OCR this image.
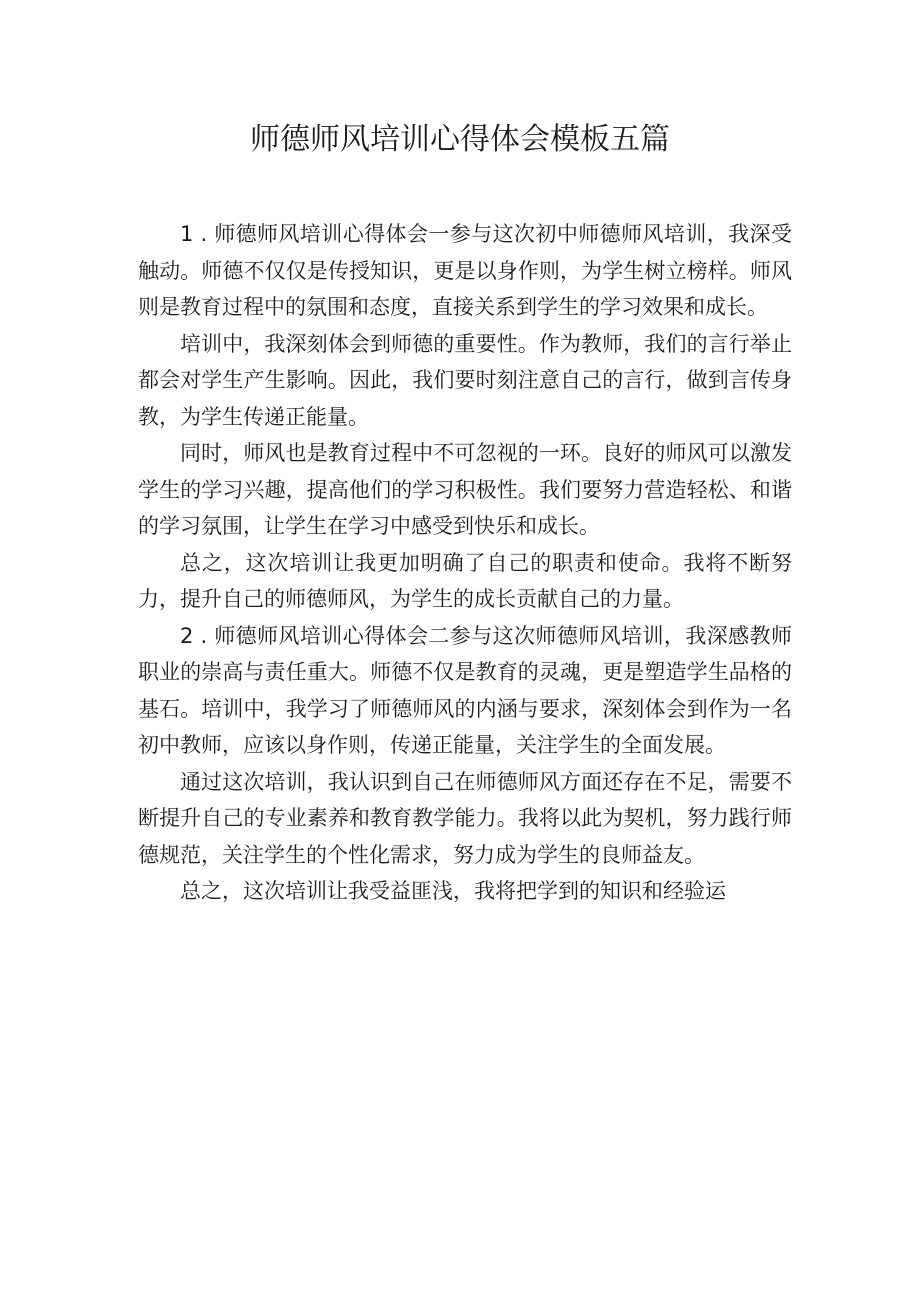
师德师风培训心得体会模板五篇

1 . 师德师风培训心得体会一参与这次初中师德师风培训，我深受触动。师德不仅仅是传授知识，更是以身作则，为学生树立榜样。师风则是教育过程中的氛围和态度，直接关系到学生的学习效果和成长。

培训中，我深刻体会到师德的重要性。作为教师，我们的言行举止都会对学生产生影响。因此，我们要时刻注意自己的言行，做到言传身教，为学生传递正能量。

同时，师风也是教育过程中不可忽视的一环。良好的师风可以激发学生的学习兴趣，提高他们的学习积极性。我们要努力营造轻松、和谐的学习氛围，让学生在学习中感受到快乐和成长。

总之，这次培训让我更加明确了自己的职责和使命。我将不断努力，提升自己的师德师风，为学生的成长贡献自己的力量。

2 . 师德师风培训心得体会二参与这次师德师风培训，我深感教师职业的崇高与责任重大。师德不仅是教育的灵魂，更是塑造学生品格的基石。培训中，我学习了师德师风的内涵与要求，深刻体会到作为一名初中教师，应该以身作则，传递正能量，关注学生的全面发展。

通过这次培训，我认识到自己在师德师风方面还存在不足，需要不断提升自己的专业素养和教育教学能力。我将以此为契机，努力践行师德规范，关注学生的个性化需求，努力成为学生的良师益友。

总之，这次培训让我受益匪浅，我将把学到的知识和经验运
